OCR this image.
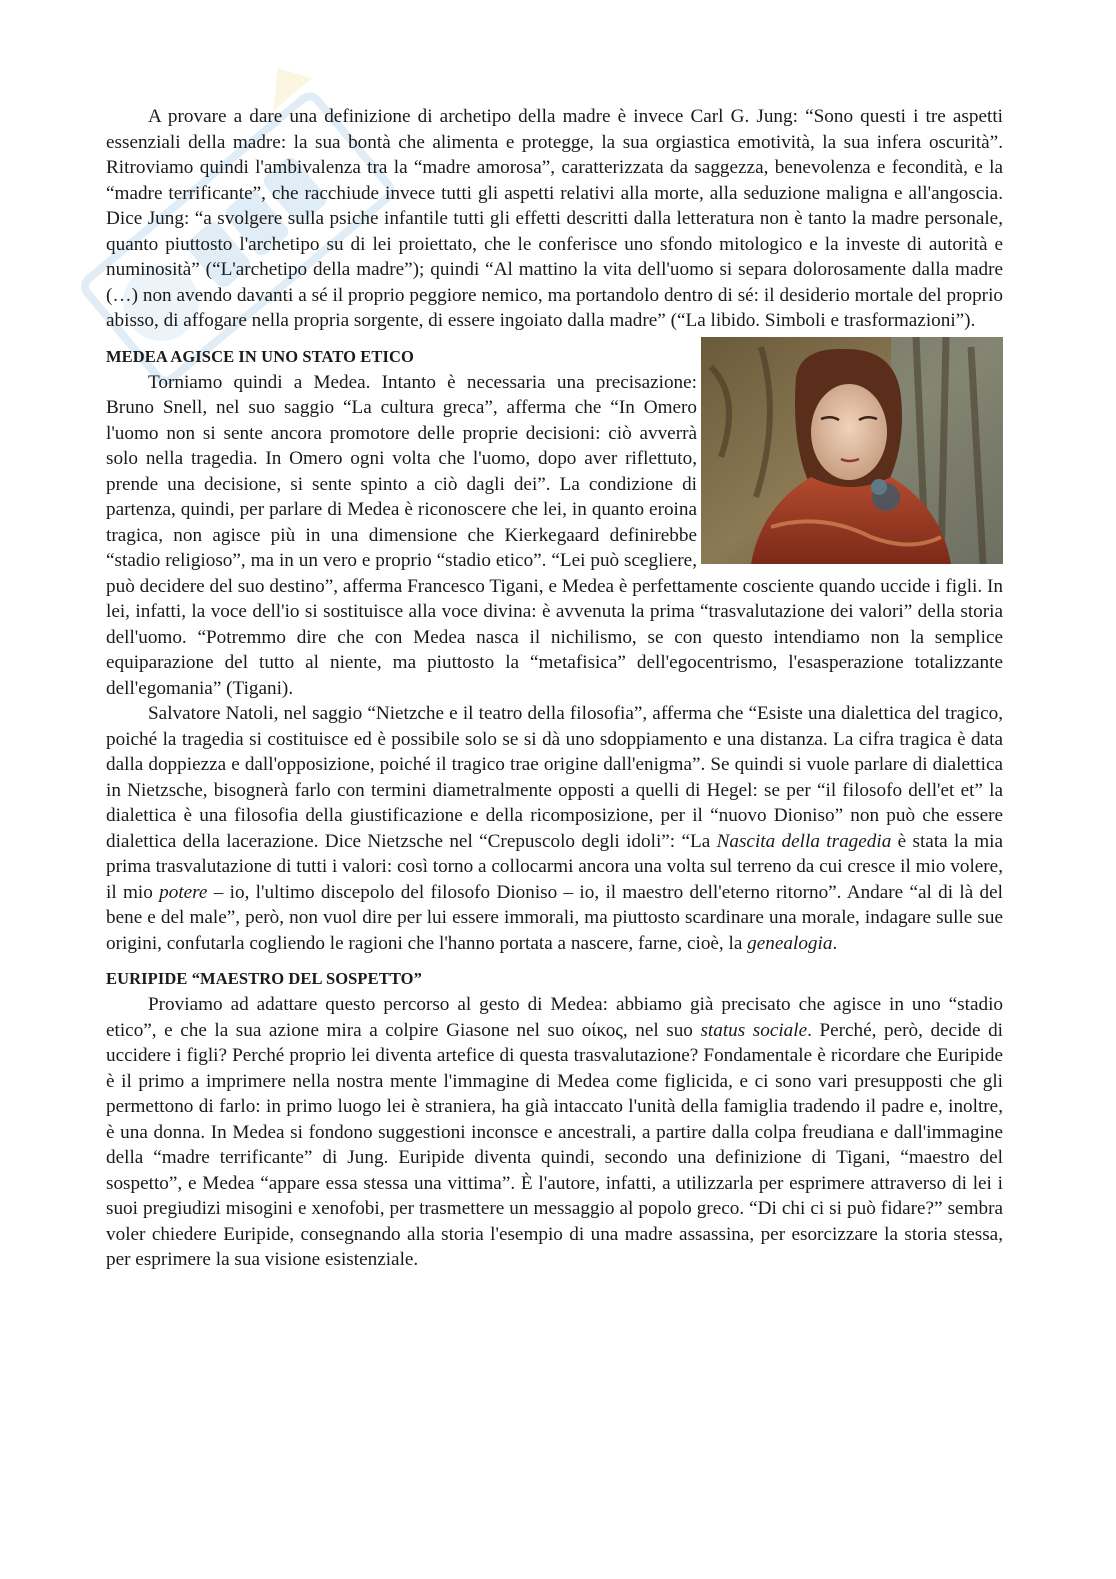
A provare a dare una definizione di archetipo della madre è invece Carl G. Jung: “Sono questi i tre aspetti essenziali della madre: la sua bontà che alimenta e protegge, la sua orgiastica emotività, la sua infera oscurità”. Ritroviamo quindi l'ambivalenza tra la “madre amorosa”, caratterizzata da saggezza, benevolenza e fecondità, e la “madre terrificante”, che racchiude invece tutti gli aspetti relativi alla morte, alla seduzione maligna e all'angoscia. Dice Jung: “a svolgere sulla psiche infantile tutti gli effetti descritti dalla letteratura non è tanto la madre personale, quanto piuttosto l'archetipo su di lei proiettato, che le conferisce uno sfondo mitologico e la investe di autorità e numinosità” (“L'archetipo della madre”); quindi “Al mattino la vita dell'uomo si separa dolorosamente dalla madre (…) non avendo davanti a sé il proprio peggiore nemico, ma portandolo dentro di sé: il desiderio mortale del proprio abisso, di affogare nella propria sorgente, di essere ingoiato dalla madre” (“La libido. Simboli e trasformazioni”).

MEDEA AGISCE IN UNO STATO ETICO

Torniamo quindi a Medea. Intanto è necessaria una precisazione: Bruno Snell, nel suo saggio “La cultura greca”, afferma che “In Omero l'uomo non si sente ancora promotore delle proprie decisioni: ciò avverrà solo nella tragedia. In Omero ogni volta che l'uomo, dopo aver riflettuto, prende una decisione, si sente spinto a ciò dagli dei”. La condizione di partenza, quindi, per parlare di Medea è riconoscere che lei, in quanto eroina tragica, non agisce più in una dimensione che Kierkegaard definirebbe “stadio religioso”, ma in un vero e proprio “stadio etico”. “Lei può scegliere, può decidere del suo destino”, afferma Francesco Tigani, e Medea è perfettamente cosciente quando uccide i figli. In lei, infatti, la voce dell'io si sostituisce alla voce divina: è avvenuta la prima “trasvalutazione dei valori” della storia dell'uomo. “Potremmo dire che con Medea nasca il nichilismo, se con questo intendiamo non la semplice equiparazione del tutto al niente, ma piuttosto la “metafisica” dell'egocentrismo, l'esasperazione totalizzante dell'egomania” (Tigani).

Salvatore Natoli, nel saggio “Nietzche e il teatro della filosofia”, afferma che “Esiste una dialettica del tragico, poiché la tragedia si costituisce ed è possibile solo se si dà uno sdoppiamento e una distanza. La cifra tragica è data dalla doppiezza e dall'opposizione, poiché il tragico trae origine dall'enigma”. Se quindi si vuole parlare di dialettica in Nietzsche, bisognerà farlo con termini diametralmente opposti a quelli di Hegel: se per “il filosofo dell'et et” la dialettica è una filosofia della giustificazione e della ricomposizione, per il “nuovo Dioniso” non può che essere dialettica della lacerazione. Dice Nietzsche nel “Crepuscolo degli idoli”: “La Nascita della tragedia è stata la mia prima trasvalutazione di tutti i valori: così torno a collocarmi ancora una volta sul terreno da cui cresce il mio volere, il mio potere – io, l'ultimo discepolo del filosofo Dioniso – io, il maestro dell'eterno ritorno”. Andare “al di là del bene e del male”, però, non vuol dire per lui essere immorali, ma piuttosto scardinare una morale, indagare sulle sue origini, confutarla cogliendo le ragioni che l'hanno portata a nascere, farne, cioè, la genealogia.

EURIPIDE “MAESTRO DEL SOSPETTO”

Proviamo ad adattare questo percorso al gesto di Medea: abbiamo già precisato che agisce in uno “stadio etico”, e che la sua azione mira a colpire Giasone nel suo οίκος, nel suo status sociale. Perché, però, decide di uccidere i figli? Perché proprio lei diventa artefice di questa trasvalutazione? Fondamentale è ricordare che Euripide è il primo a imprimere nella nostra mente l'immagine di Medea come figlicida, e ci sono vari presupposti che gli permettono di farlo: in primo luogo lei è straniera, ha già intaccato l'unità della famiglia tradendo il padre e, inoltre, è una donna. In Medea si fondono suggestioni inconsce e ancestrali, a partire dalla colpa freudiana e dall'immagine della “madre terrificante” di Jung. Euripide diventa quindi, secondo una definizione di Tigani, “maestro del sospetto”, e Medea “appare essa stessa una vittima”. È l'autore, infatti, a utilizzarla per esprimere attraverso di lei i suoi pregiudizi misogini e xenofobi, per trasmettere un messaggio al popolo greco. “Di chi ci si può fidare?” sembra voler chiedere Euripide, consegnando alla storia l'esempio di una madre assassina, per esorcizzare la storia stessa, per esprimere la sua visione esistenziale.
